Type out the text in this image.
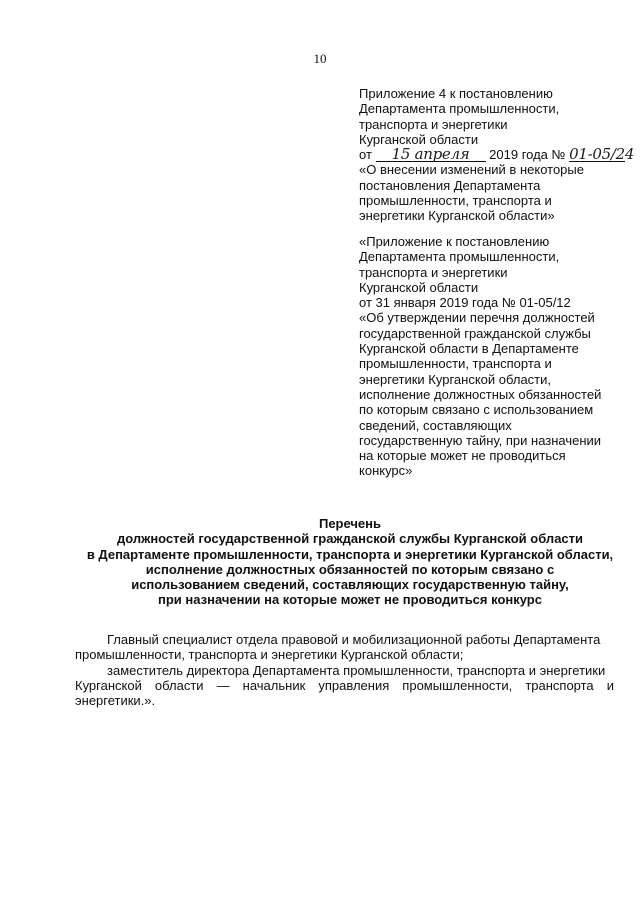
10
Приложение 4 к постановлению
Департамента промышленности,
транспорта и энергетики
Курганской области
от 15 апреля 2019 года № 01-05/24
«О внесении изменений в некоторые
постановления Департамента
промышленности, транспорта и
энергетики Курганской области»
«Приложение к постановлению
Департамента промышленности,
транспорта и энергетики
Курганской области
от 31 января 2019 года № 01-05/12
«Об утверждении перечня должностей
государственной гражданской службы
Курганской области в Департаменте
промышленности, транспорта и
энергетики Курганской области,
исполнение должностных обязанностей
по которым связано с использованием
сведений, составляющих
государственную тайну, при назначении
на которые может не проводиться
конкурс»
Перечень
должностей государственной гражданской службы Курганской области
в Департаменте промышленности, транспорта и энергетики Курганской области,
исполнение должностных обязанностей по которым связано с
использованием сведений, составляющих государственную тайну,
при назначении на которые может не проводиться конкурс
Главный специалист отдела правовой и мобилизационной работы Департамента
промышленности, транспорта и энергетики Курганской области;
заместитель директора Департамента промышленности, транспорта и энергетики
Курганской области — начальник управления промышленности, транспорта и
энергетики.».
